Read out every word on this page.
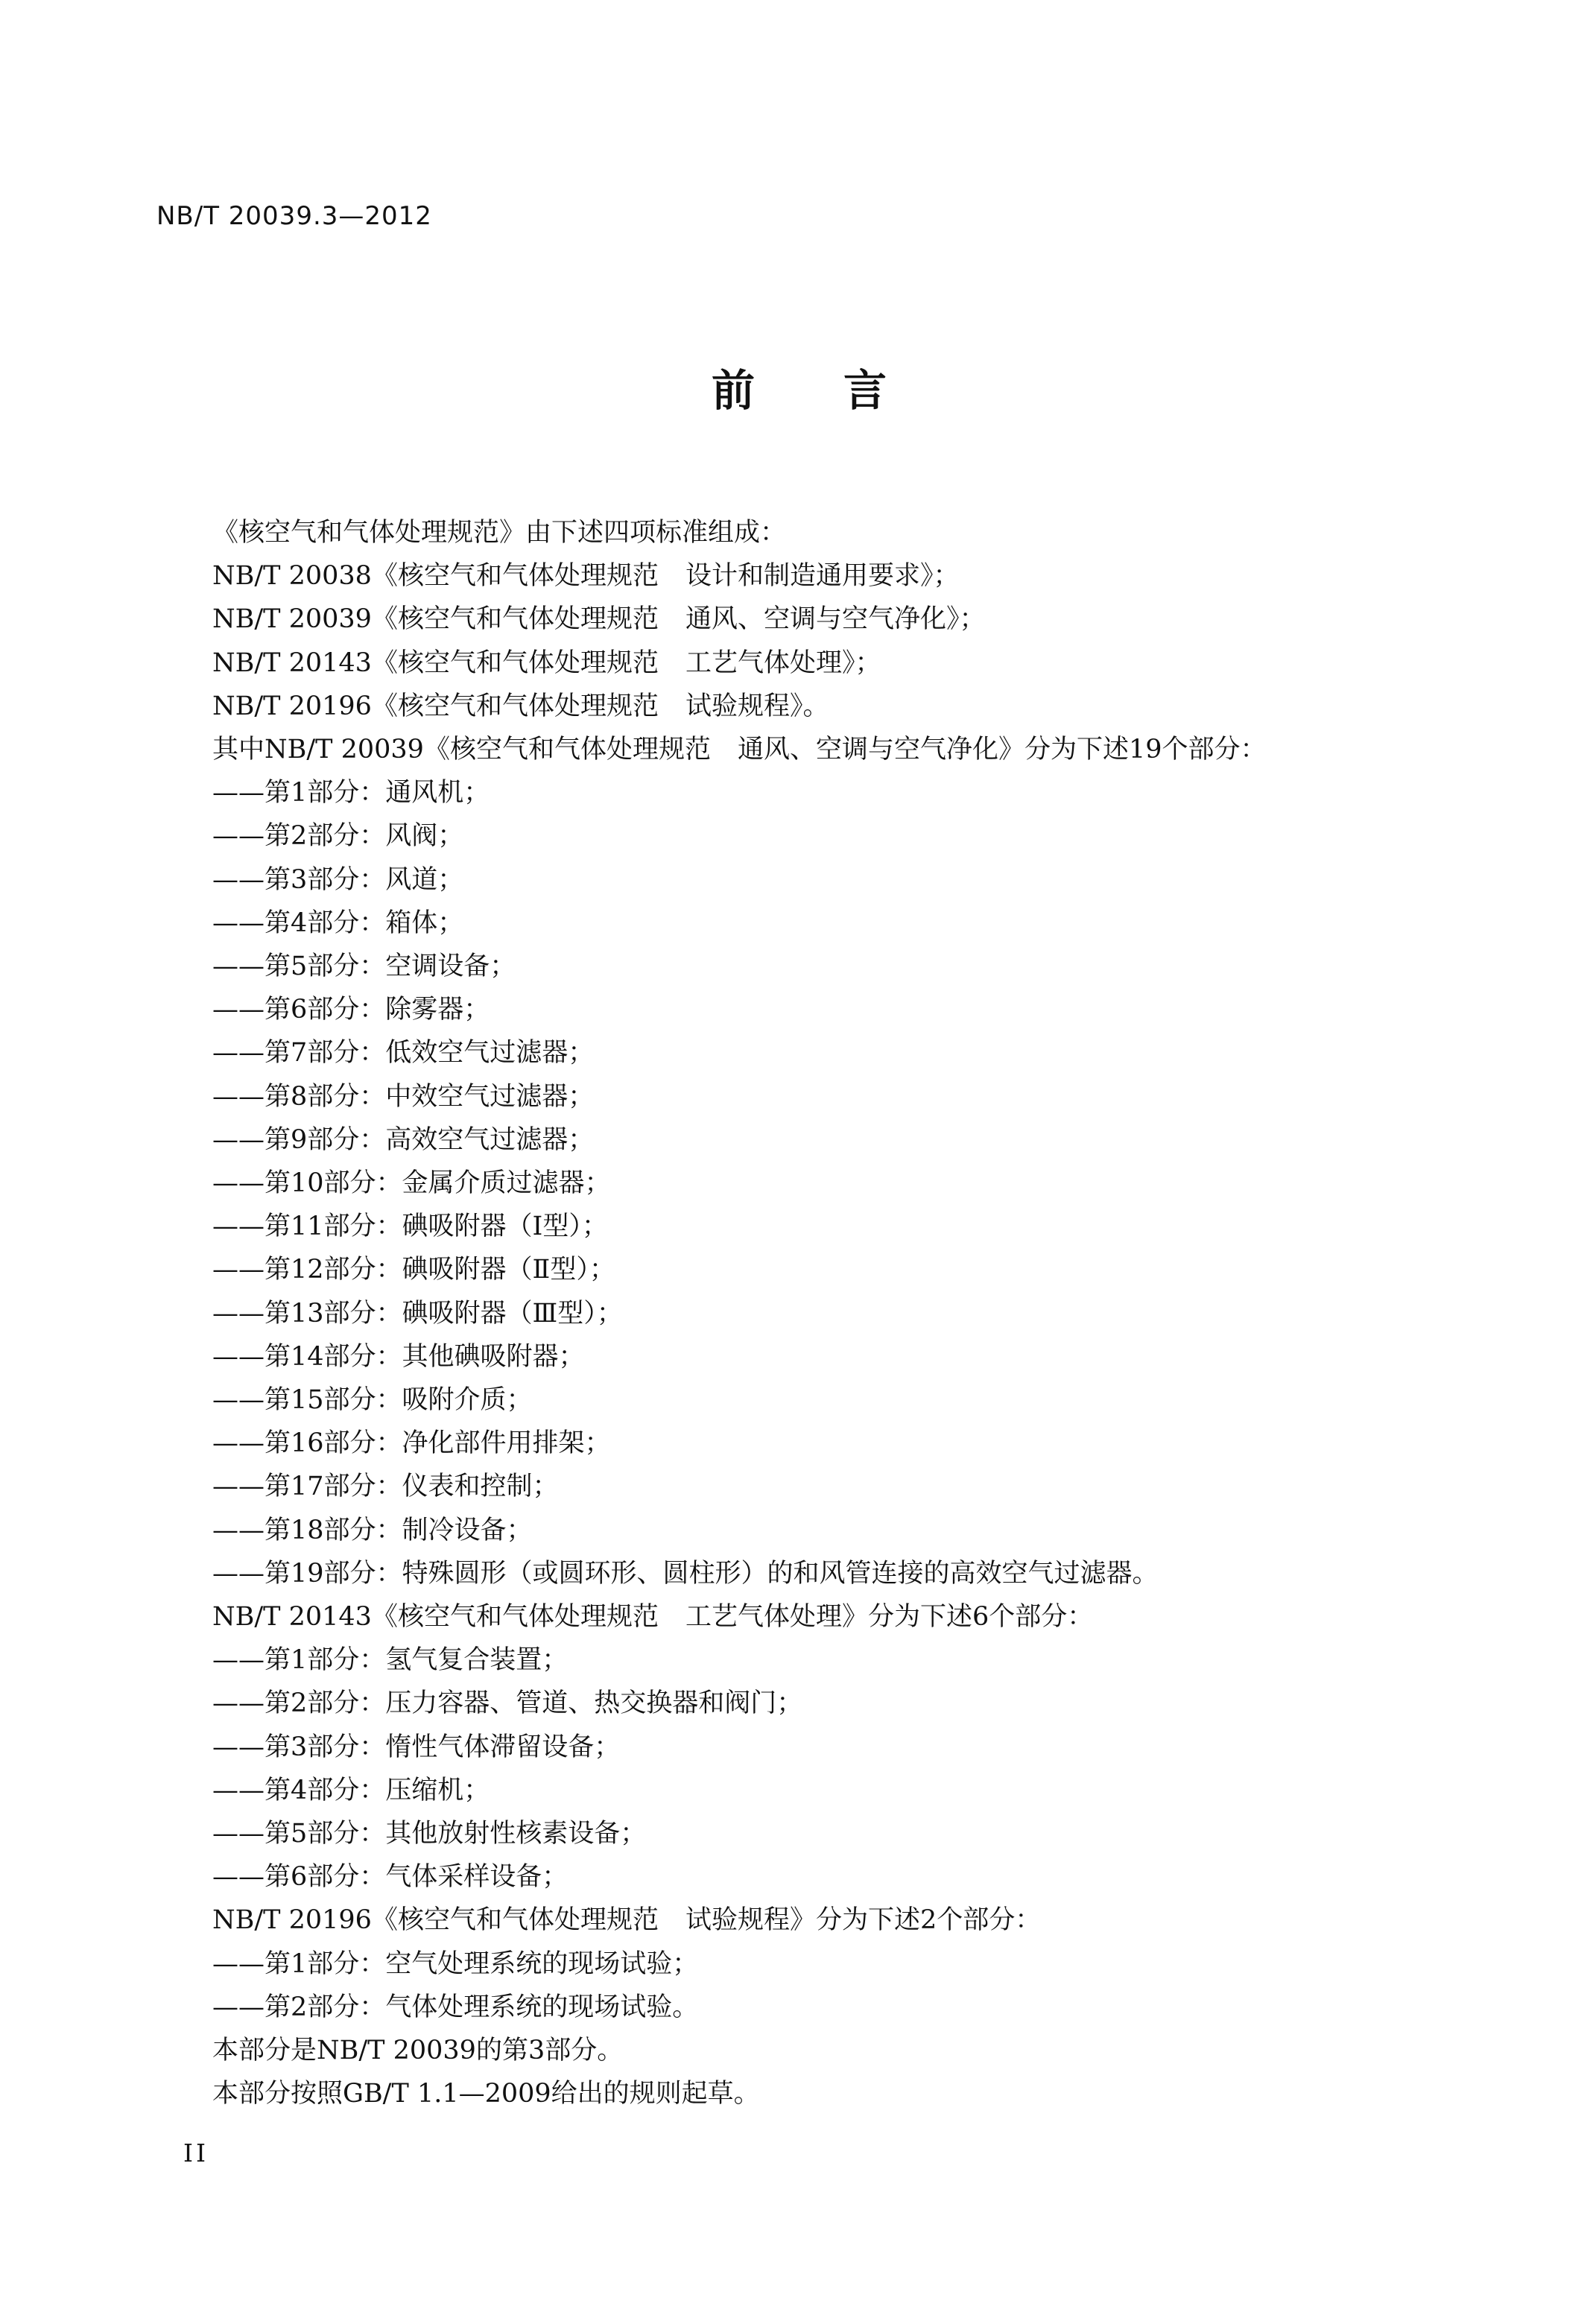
NB/T 20039.3—2012
前 言
《核空气和气体处理规范》由下述四项标准组成：
NB/T 20038《核空气和气体处理规范 设计和制造通用要求》；
NB/T 20039《核空气和气体处理规范 通风、空调与空气净化》；
NB/T 20143《核空气和气体处理规范 工艺气体处理》；
NB/T 20196《核空气和气体处理规范 试验规程》。
其中NB/T 20039《核空气和气体处理规范 通风、空调与空气净化》分为下述19个部分：
——第1部分：通风机；
——第2部分：风阀；
——第3部分：风道；
——第4部分：箱体；
——第5部分：空调设备；
——第6部分：除雾器；
——第7部分：低效空气过滤器；
——第8部分：中效空气过滤器；
——第9部分：高效空气过滤器；
——第10部分：金属介质过滤器；
——第11部分：碘吸附器（Ⅰ型）；
——第12部分：碘吸附器（Ⅱ型）；
——第13部分：碘吸附器（Ⅲ型）；
——第14部分：其他碘吸附器；
——第15部分：吸附介质；
——第16部分：净化部件用排架；
——第17部分：仪表和控制；
——第18部分：制冷设备；
——第19部分：特殊圆形（或圆环形、圆柱形）的和风管连接的高效空气过滤器。
NB/T 20143《核空气和气体处理规范 工艺气体处理》分为下述6个部分：
——第1部分：氢气复合装置；
——第2部分：压力容器、管道、热交换器和阀门；
——第3部分：惰性气体滞留设备；
——第4部分：压缩机；
——第5部分：其他放射性核素设备；
——第6部分：气体采样设备；
NB/T 20196《核空气和气体处理规范 试验规程》分为下述2个部分：
——第1部分：空气处理系统的现场试验；
——第2部分：气体处理系统的现场试验。
本部分是NB/T 20039的第3部分。
本部分按照GB/T 1.1—2009给出的规则起草。
II
